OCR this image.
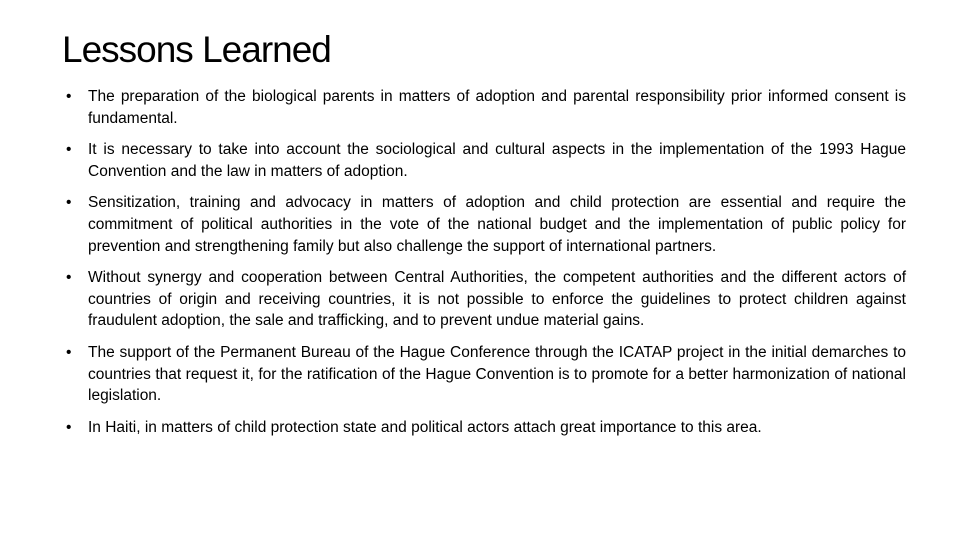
Lessons Learned
•	The preparation of the biological parents in matters of adoption and parental responsibility prior informed consent is fundamental.
•	It is necessary to take into account the sociological and cultural aspects in the implementation of the 1993 Hague Convention and the law in matters of adoption.
•	Sensitization, training and advocacy in matters of adoption and child protection are essential and require the commitment of political authorities in the vote of the national budget and the implementation of public policy for prevention and strengthening family but also challenge the support of international partners.
•	Without synergy and cooperation between Central Authorities, the competent authorities and the different actors of countries of origin and receiving countries, it is not possible to enforce the guidelines to protect children against fraudulent adoption, the sale and trafficking, and to prevent undue material gains.
•	The support of the Permanent Bureau of the Hague Conference through the ICATAP project in the initial demarches to countries that request it, for the ratification of the Hague Convention is to promote for a better harmonization of national legislation.
•	In Haiti, in matters of child protection state and political actors attach great importance to this area.
